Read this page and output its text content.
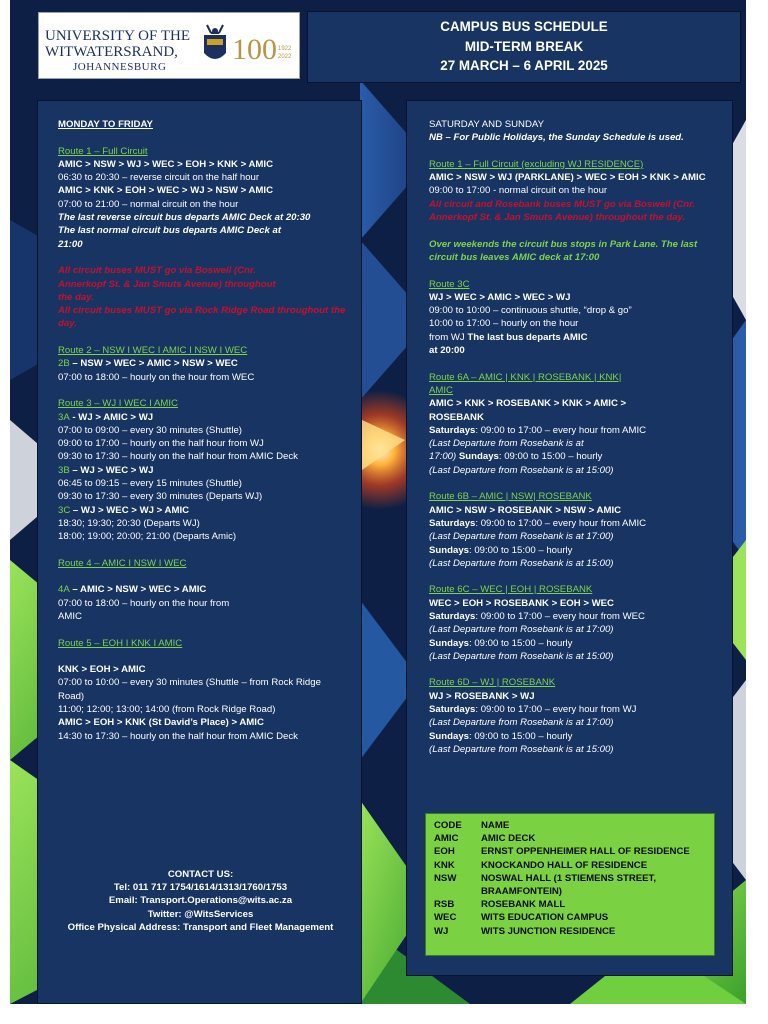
UNIVERSITY OF THE
WITWATERSRAND,
JOHANNESBURG
100 1922
2022
CAMPUS BUS SCHEDULE
MID-TERM BREAK
27 MARCH – 6 APRIL 2025

MONDAY TO FRIDAY

Route 1 – Full Circuit

AMIC > NSW > WJ > WEC > EOH > KNK > AMIC

06:30 to 20:30 – reverse circuit on the half hour

AMIC > KNK > EOH > WEC > WJ > NSW > AMIC

07:00 to 21:00 – normal circuit on the hour

The last reverse circuit bus departs AMIC Deck at 20:30

The last normal circuit bus departs AMIC Deck at

21:00

All circuit buses MUST go via Boswell (Cnr.

Annerkopf St. & Jan Smuts Avenue) throughout

the day.

All circuit buses MUST go via Rock Ridge Road throughout the

day.

Route 2 – NSW I WEC I AMIC I NSW I WEC

2B – NSW > WEC > AMIC > NSW > WEC

07:00 to 18:00 – hourly on the hour from WEC

Route 3 – WJ I WEC I AMIC

3A - WJ > AMIC > WJ

07:00 to 09:00 – every 30 minutes (Shuttle)

09:00 to 17:00 – hourly on the half hour from WJ

09:30 to 17:30 – hourly on the half hour from AMIC Deck

3B – WJ > WEC > WJ

06:45 to 09:15 – every 15 minutes (Shuttle)

09:30 to 17:30 – every 30 minutes (Departs WJ)

3C – WJ > WEC > WJ > AMIC

18:30; 19:30; 20:30 (Departs WJ)

18:00; 19:00; 20:00; 21:00 (Departs Amic)

Route 4 – AMIC I NSW I WEC

4A – AMIC > NSW > WEC > AMIC

07:00 to 18:00 – hourly on the hour from

AMIC

Route 5 – EOH I KNK I AMIC

KNK > EOH > AMIC

07:00 to 10:00 – every 30 minutes (Shuttle – from Rock Ridge

Road)

11:00; 12:00; 13:00; 14:00 (from Rock Ridge Road)

AMIC > EOH > KNK (St David’s Place) > AMIC

14:30 to 17:30 – hourly on the half hour from AMIC Deck

CONTACT US:
Tel: 011 717 1754/1614/1313/1760/1753
Email: Transport.Operations@wits.ac.za
Twitter: @WitsServices
Office Physical Address: Transport and Fleet Management

SATURDAY AND SUNDAY

NB – For Public Holidays, the Sunday Schedule is used.

Route 1 – Full Circuit (excluding WJ RESIDENCE)

AMIC > NSW > WJ (PARKLANE) > WEC > EOH > KNK > AMIC

09:00 to 17:00 - normal circuit on the hour

All circuit and Rosebank buses MUST go via Boswell (Cnr.

Annerkopf St. & Jan Smuts Avenue) throughout the day.

Over weekends the circuit bus stops in Park Lane. The last

circuit bus leaves AMIC deck at 17:00

Route 3C

WJ > WEC > AMIC > WEC > WJ

09:00 to 10:00 – continuous shuttle, “drop & go”

10:00 to 17:00 – hourly on the hour

from WJ The last bus departs AMIC

at 20:00

Route 6A – AMIC | KNK | ROSEBANK | KNK|

AMIC

AMIC > KNK > ROSEBANK > KNK > AMIC >

ROSEBANK

Saturdays: 09:00 to 17:00 – every hour from AMIC

(Last Departure from Rosebank is at

17:00) Sundays: 09:00 to 15:00 – hourly

(Last Departure from Rosebank is at 15:00)

Route 6B – AMIC | NSW| ROSEBANK

AMIC > NSW > ROSEBANK > NSW > AMIC

Saturdays: 09:00 to 17:00 – every hour from AMIC

(Last Departure from Rosebank is at 17:00)

Sundays: 09:00 to 15:00 – hourly

(Last Departure from Rosebank is at 15:00)

Route 6C – WEC | EOH | ROSEBANK

WEC > EOH > ROSEBANK > EOH > WEC

Saturdays: 09:00 to 17:00 – every hour from WEC

(Last Departure from Rosebank is at 17:00)

Sundays: 09:00 to 15:00 – hourly

(Last Departure from Rosebank is at 15:00)

Route 6D – WJ | ROSEBANK

WJ > ROSEBANK > WJ

Saturdays: 09:00 to 17:00 – every hour from WJ

(Last Departure from Rosebank is at 17:00)

Sundays: 09:00 to 15:00 – hourly

(Last Departure from Rosebank is at 15:00)

CODE	NAME
AMIC	AMIC DECK
EOH	ERNST OPPENHEIMER HALL OF RESIDENCE
KNK	KNOCKANDO HALL OF RESIDENCE
NSW	NOSWAL HALL (1 STIEMENS STREET, BRAAMFONTEIN)
RSB	ROSEBANK MALL
WEC	WITS EDUCATION CAMPUS
WJ	WITS JUNCTION RESIDENCE
